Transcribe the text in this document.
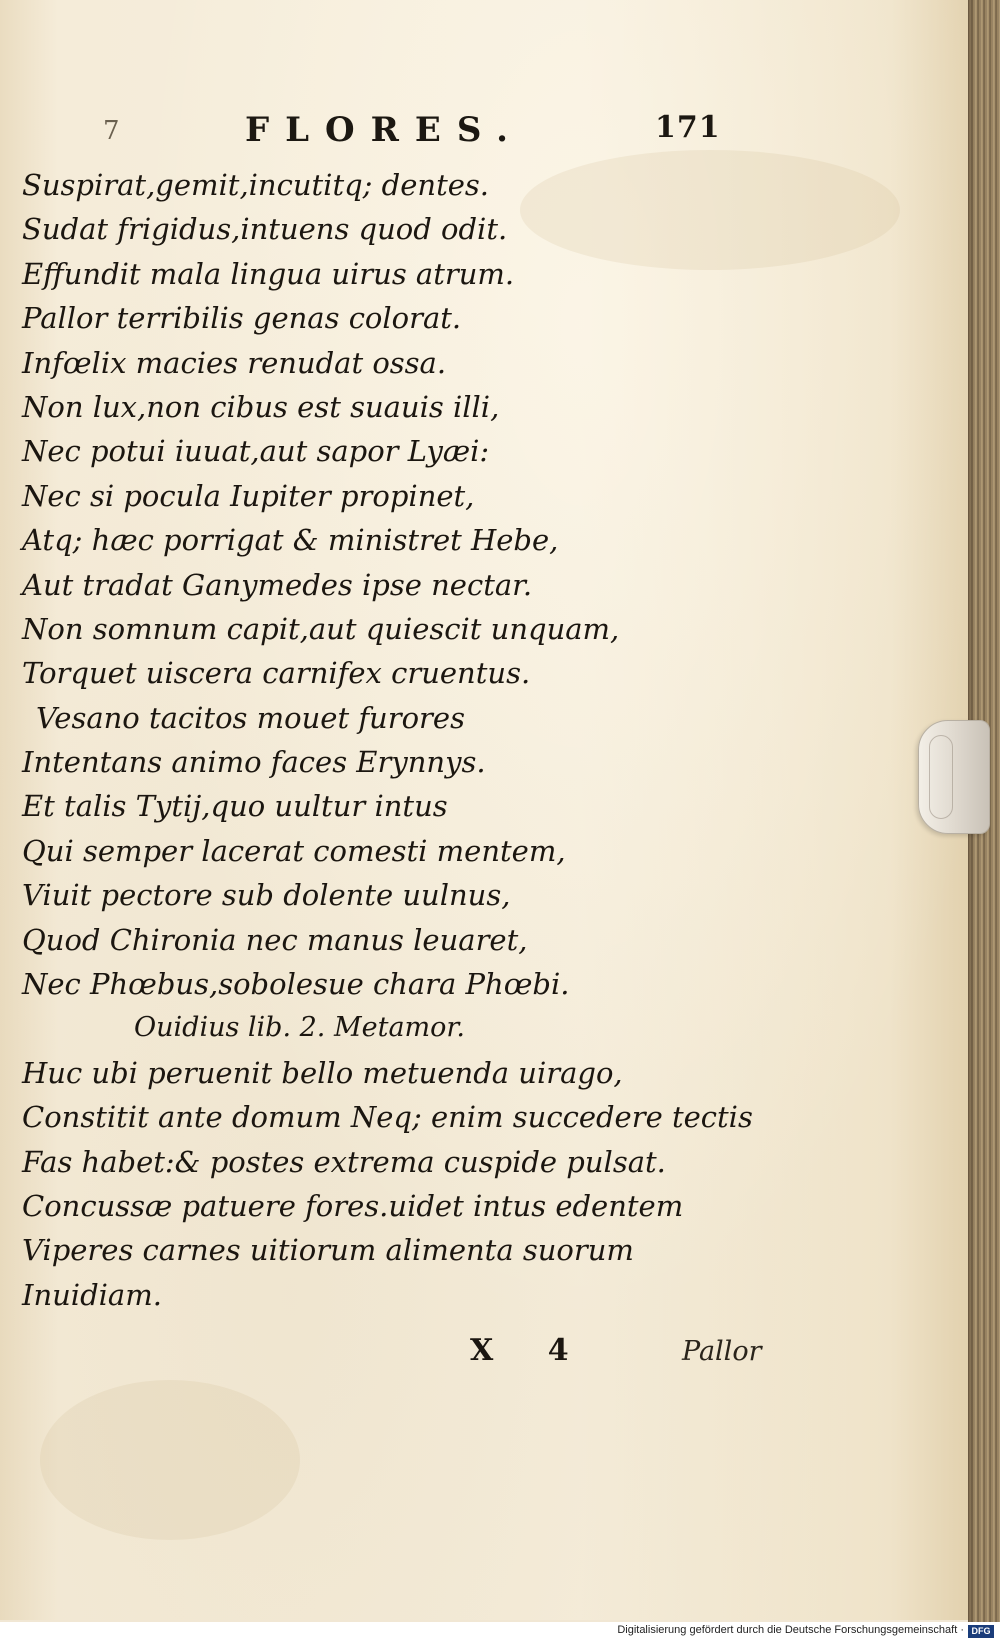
7	FLORES.	171
Suspirat,gemit,incutitq; dentes.
Sudat frigidus,intuens quod odit.
Effundit mala lingua uirus atrum.
Pallor terribilis genas colorat.
Infœlix macies renudat ossa.
Non lux,non cibus est suauis illi,
Nec potui iuuat,aut sapor Lyæi:
Nec si pocula Iupiter propinet,
Atq; hæc porrigat & ministret Hebe,
Aut tradat Ganymedes ipse nectar.
Non somnum capit,aut quiescit unquam,
Torquet uiscera carnifex cruentus.
Vesano tacitos mouet furores
Intentans animo faces Erynnys.
Et talis Tytij,quo uultur intus
Qui semper lacerat comesti mentem,
Viuit pectore sub dolente uulnus,
Quod Chironia nec manus leuaret,
Nec Phœbus,sobolesue chara Phœbi.
Ouidius lib. 2. Metamor.
Huc ubi peruenit bello metuenda uirago,
Constitit ante domum Neq; enim succedere tectis
Fas habet:& postes extrema cuspide pulsat.
Concussæ patuere fores.uidet intus edentem
Viperes carnes uitiorum alimenta suorum
Inuidiam.
X 4	Pallor
Digitalisierung gefördert durch die Deutsche Forschungsgemeinschaft · DFG
